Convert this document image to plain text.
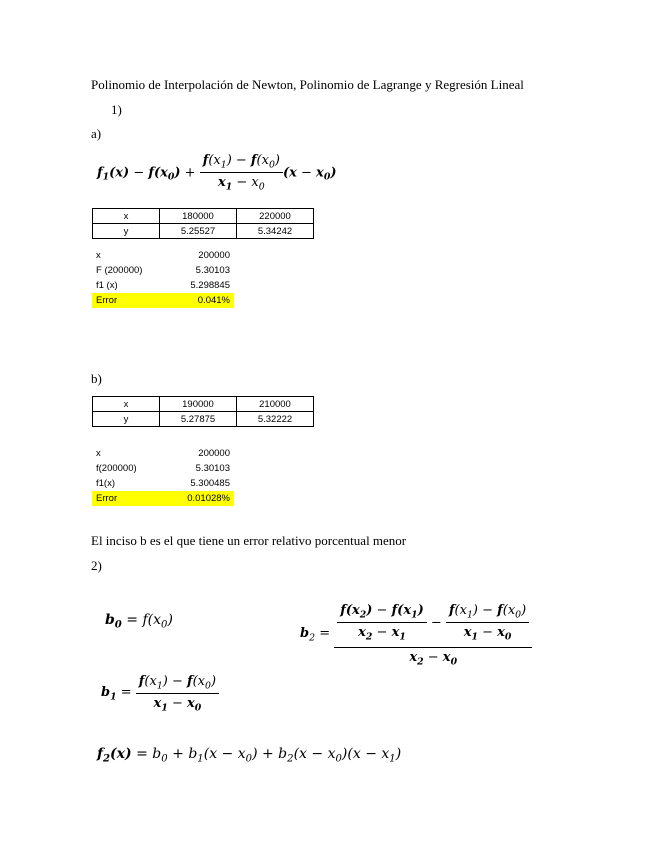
Polinomio de Interpolación de Newton, Polinomio de Lagrange y Regresión Lineal
1)
a)
$f_1(x) - f(x_0) + \frac{f(x_1) - f(x_0)}{x_1 - x_0} (x - x_0)$
x	180000	220000
y	5.25527	5.34242
x	200000
F (200000)	5.30103
f1 (x)	5.298845
Error	0.041%
b)
x	190000	210000
y	5.27875	5.32222
x	200000
f(200000)	5.30103
f1(x)	5.300485
Error	0.01028%
El inciso b es el que tiene un error relativo porcentual menor
2)
$b_0 = f(x_0)$
$b_2 = \frac{\frac{f(x_2) - f(x_1)}{x_2 - x_1} - \frac{f(x_1) - f(x_0)}{x_1 - x_0}}{x_2 - x_0}$
$b_1 = \frac{f(x_1) - f(x_0)}{x_1 - x_0}$
$f_2(x) = b_0 + b_1(x - x_0) + b_2(x - x_0)(x - x_1)$
